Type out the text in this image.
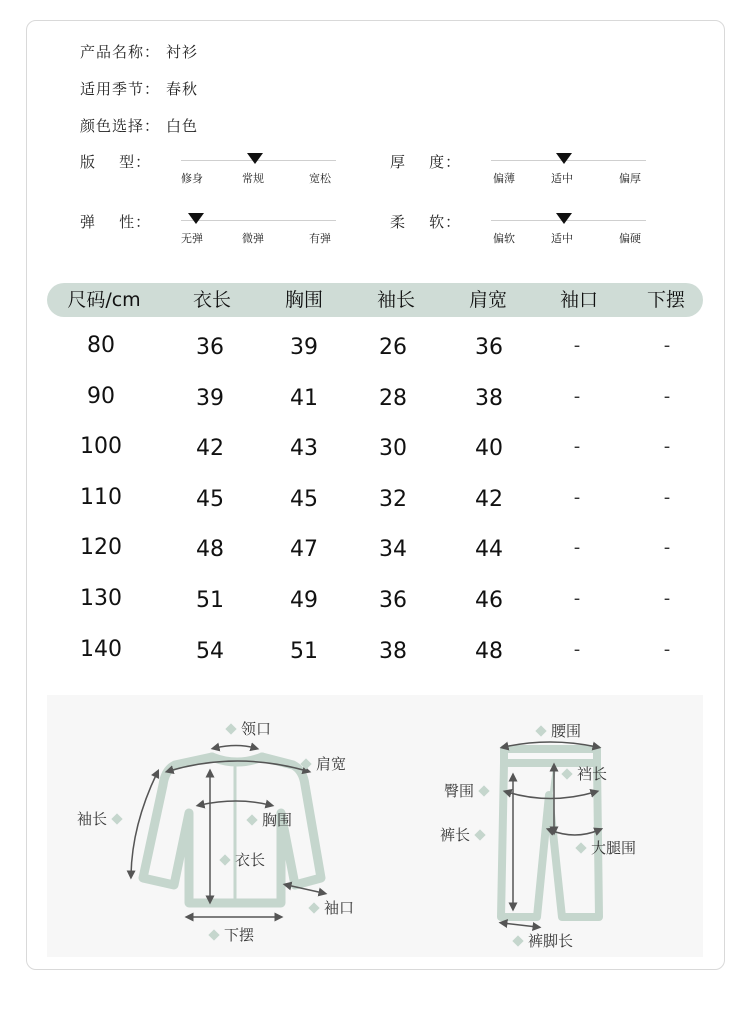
产品名称： 衬衫
适用季节： 春秋
颜色选择： 白色
版    型：
修身	常规	宽松
厚    度：
偏薄	适中	偏厚
弹    性：
无弹	微弹	有弹
柔    软：
偏软	适中	偏硬
尺码/cm	衣长	胸围	袖长	肩宽	袖口	下摆
80	36	39	26	36	-	-
90	39	41	28	38	-	-
100	42	43	30	40	-	-
110	45	45	32	42	-	-
120	48	47	34	44	-	-
130	51	49	36	46	-	-
140	54	51	38	48	-	-
领口
肩宽
袖长	胸围
衣长
袖口
下摆
腰围
裆长
臀围
裤长
大腿围
裤脚长
